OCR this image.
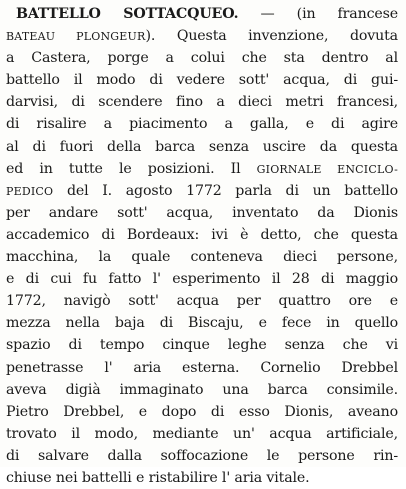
BATTELLO SOTTACQUEO. — (in francese
BATEAU PLONGEUR). Questa invenzione, dovuta
a Castera, porge a colui che sta dentro al
battello il modo di vedere sott' acqua, di gui-
darvisi, di scendere fino a dieci metri francesi,
di risalire a piacimento a galla, e di agire
al di fuori della barca senza uscire da questa
ed in tutte le posizioni. Il GIORNALE ENCICLO-
PEDICO del I. agosto 1772 parla di un battello
per andare sott' acqua, inventato da Dionis
accademico di Bordeaux: ivi è detto, che questa
macchina, la quale conteneva dieci persone,
e di cui fu fatto l' esperimento il 28 di maggio
1772, navigò sott' acqua per quattro ore e
mezza nella baja di Biscaju, e fece in quello
spazio di tempo cinque leghe senza che vi
penetrasse l' aria esterna. Cornelio Drebbel
aveva digià immaginato una barca consimile.
Pietro Drebbel, e dopo di esso Dionis, aveano
trovato il modo, mediante un' acqua artificiale,
di salvare dalla soffocazione le persone rin-
chiuse nei battelli e ristabilire l' aria vitale.
